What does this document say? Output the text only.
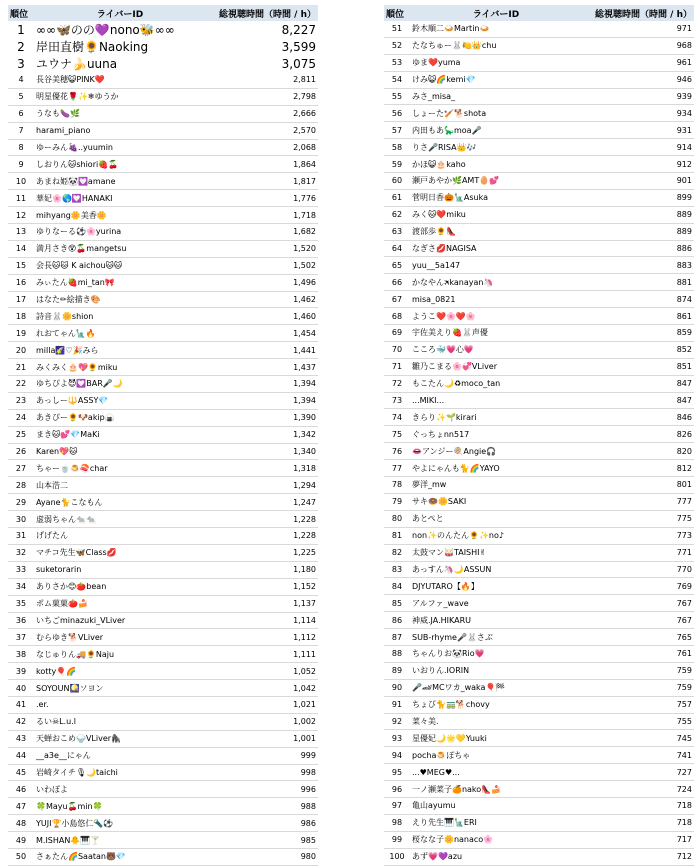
順位	ライバーID	総視聴時間（時間 / h）
1	∞∞🦋のの💜nono🐝∞∞	8,227
2	岸田直樹🌻Naoking	3,599
3	ユウナ🍌uuna	3,075
4	長谷美穂😺PINK❤️	2,811
5	明星優花🌹✨❄ゆうか	2,798
6	うなも🍆🌿	2,666
7	harami_piano	2,570
8	ゆーみん🍇..yuumin	2,068
9	しおりん🐱shiori🍓🍒	1,864
10	あまね姫🐼💟amane	1,817
11	華妃🌸🌎💟HANAKI	1,776
12	mihyang🌼美香🌼	1,718
13	ゆりなーる⚽🌸yurina	1,682
14	満月さき😵🍒mangetsu	1,520
15	会長🐱🐱 K aichou🐱🐱	1,502
16	みぃたん🍓mi_tan🎀	1,496
17	はなた✏絵描き🎨	1,462
18	詩音🐰🌼shion	1,460
19	れおてゃん🗽🔥	1,454
20	milla🌠♡🎉みら	1,441
21	みくみく🎂💖🌻miku	1,437
22	ゆちぴよ😈💟BAR🎤🌙	1,394
23	あっしー🔱ASSY💎	1,394
24	あきぴー🌻🐶akip🍙	1,390
25	まき🐱💕💎MaKi	1,342
26	Karen💖🐱	1,340
27	ちゃー🍵🍮🍣char	1,318
28	山本浩二	1,294
29	Ayane🐈こなもん	1,247
30	虚弱ちゃん🐀🐀	1,228
31	げげたん	1,228
32	マチコ先生🦋Class💋	1,225
33	suketorarin	1,180
34	ありさか😊🍅bean	1,152
35	ポム菓菓🍅🍰	1,137
36	いちごminazuki_VLiver	1,114
37	むらゆき🐕VLiver	1,112
38	なじゅりん🚚🌻Naju	1,111
39	kotty🎈🌈	1,052
40	SOYOUN🎑ソヨン	1,042
41	.er.	1,021
42	るい☠L.u.l	1,002
43	天蝉おこめ🍚VLiver🦍	1,001
44	__a3e__にゃん	999
45	岩崎タイチ🎙🌙taichi	998
46	いわぽよ	996
47	🍀Mayu🍒min🍀	988
48	YUJI🏆小島悠仁🔦⚽	986
49	M.ISHAN🐥🎹🍸	985
50	さぁたん🌈Saatan🐻💎	980
順位	ライバーID	総視聴時間（時間 / h）
51	鈴木順二🍛Martin🍛	971
52	たなちゅー🐰🍋👑chu	968
53	ゆま❤️yuma	961
54	けみ😺🌈kemi💎	946
55	みさ_misa_	939
56	しょーた🏏🐕shota	934
57	内田もあ🦕moa🎤	931
58	りさ🎤RISA👑🎶	914
59	かほ😺🎂kaho	912
60	瀬戸あやか🌿AMT🥚💕	901
61	菅明日香🎃🗽Asuka	899
62	みく🐱❤️miku	889
63	渡部歩🌻👠	889
64	なぎさ💋NAGISA	886
65	yuu__5a147	883
66	かなやん🛪kanayan🦄	881
67	misa_0821	874
68	ようこ❤️🌸❤️🌸	861
69	宇佐美えり🍓🐰声優	859
70	こころ🐳💗心💗	852
71	雛乃こまる🌸💞VLiver	851
72	もこたん🌙♻moco_tan	847
73	...MIKI...	847
74	きらり✨🌱kirari	846
75	ぐっちょnn517	826
76	👄アンジー🍭Angie🎧	820
77	やよにゃんも🐈🌈YAYO	812
78	夢洋_mw	801
79	サキ🍩🌼SAKI	777
80	あとぺと	775
81	non✨のんたん🌻✨no♪	773
82	太鼓マン🥁TAISHI✌	771
83	あっすん🦄🌙ASSUN	770
84	DJYUTARO【🔥】	769
85	アルファ_wave	767
86	神威.JA.HIKARU	767
87	SUB-rhyme🎤🐰さぶ	765
88	ちゃんりお🐼Rio💗	761
89	いおりん.IORIN	759
90	🎤🏎MCワカ_waka🎈🏁	759
91	ちょび🐈🚃🐕chovy	757
92	菜々美.	755
93	星優妃🌙🌟💛Yuuki	745
94	pocha🍮ぽちゃ	741
95	...♥MEG♥...	727
96	一ノ瀬菜子🍊nako👠🍰	724
97	亀山ayumu	718
98	えり先生🎹🗽ERI	718
99	桜なな子🌼nanaco🌸	717
100	あず💗💜azu	712
